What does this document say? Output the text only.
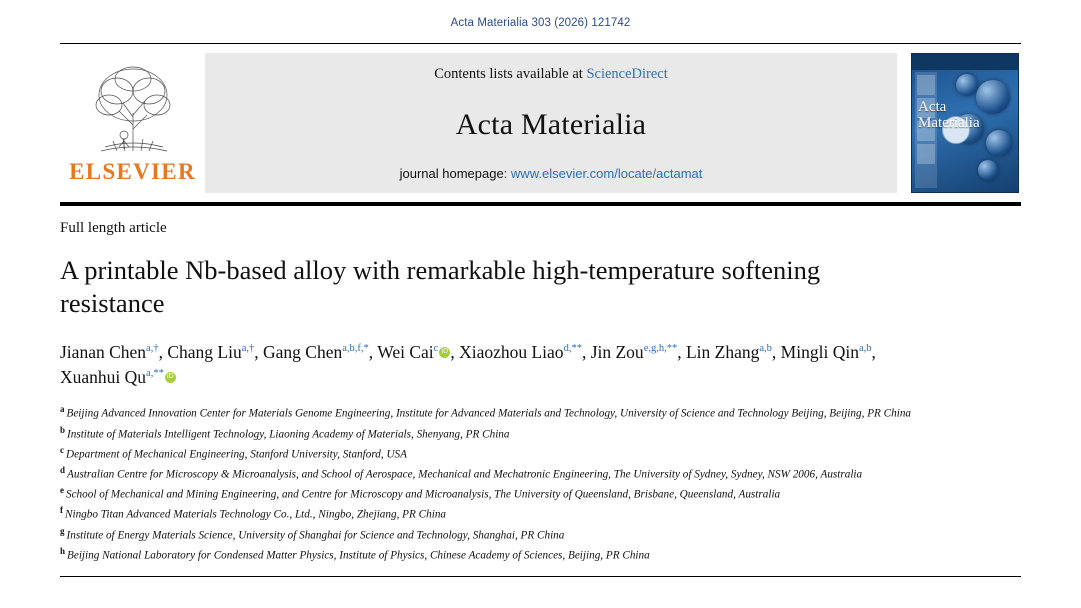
Acta Materialia 303 (2026) 121742
ELSEVIER
Contents lists available at ScienceDirect
Acta Materialia
journal homepage: www.elsevier.com/locate/actamat
Acta
Materialia
Full length article
A printable Nb-based alloy with remarkable high-temperature softening resistance
Jianan Chen$^{a,\dagger}$, Chang Liu$^{a,\dagger}$, Gang Chen$^{a,b,f,*}$, Wei Cai$^c$ iD , Xiaozhou Liao$^{d,**}$, Jin Zou$^{e,g,h,**}$, Lin Zhang$^{a,b}$, Mingli Qin$^{a,b}$, Xuanhui $Qu^{a,**}iD$

$^a$ Beijing Advanced Innovation Center for Materials Genome Engineering, Institute for Advanced Materials and Technology, University of Science and Technology Beijing, Beijing, PR China

$^b$ Institute of Materials Intelligent Technology, Liaoning Academy of Materials, Shenyang, PR China

$^c$ Department of Mechanical Engineering, Stanford University, Stanford, USA

$^d$ Australian Centre for Microscopy & Microanalysis, and School of Aerospace, Mechanical and Mechatronic Engineering, The University of Sydney, Sydney, NSW 2006, Australia

$^e$ School of Mechanical and Mining Engineering, and Centre for Microscopy and Microanalysis, The University of Queensland, Brisbane, Queensland, Australia

$^f$ Ningbo Titan Advanced Materials Technology Co., Ltd., Ningbo, Zhejiang, PR China

$^g$ Institute of Energy Materials Science, University of Shanghai for Science and Technology, Shanghai, PR China

$^h$ Beijing National Laboratory for Condensed Matter Physics, Institute of Physics, Chinese Academy of Sciences, Beijing, PR China
